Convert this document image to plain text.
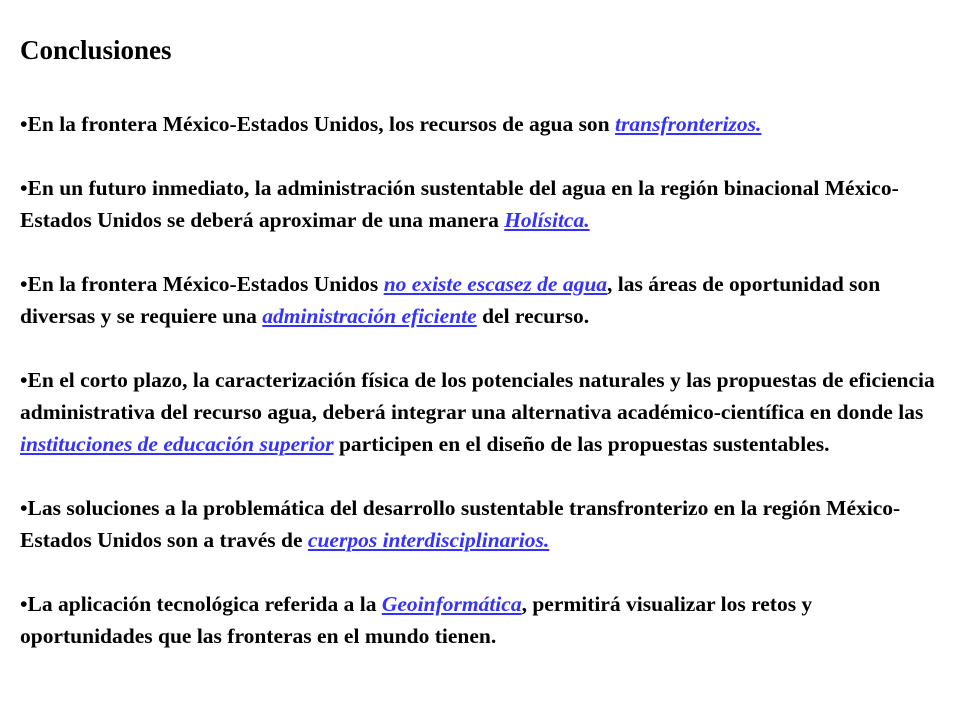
Conclusiones

•En la frontera México-Estados Unidos, los recursos de agua son transfronterizos.

•En un futuro inmediato, la administración sustentable del agua en la región binacional México-Estados Unidos se deberá aproximar de una manera Holísitca.

•En la frontera México-Estados Unidos no existe escasez de agua, las áreas de oportunidad son diversas y se requiere una administración eficiente del recurso.

•En el corto plazo, la caracterización física de los potenciales naturales y las propuestas de eficiencia administrativa del recurso agua, deberá integrar una alternativa académico-científica en donde las instituciones de educación superior participen en el diseño de las propuestas sustentables.

•Las soluciones a la problemática del desarrollo sustentable transfronterizo en la región México-Estados Unidos son a través de cuerpos interdisciplinarios.

•La aplicación tecnológica referida a la Geoinformática, permitirá visualizar los retos y oportunidades que las fronteras en el mundo tienen.
